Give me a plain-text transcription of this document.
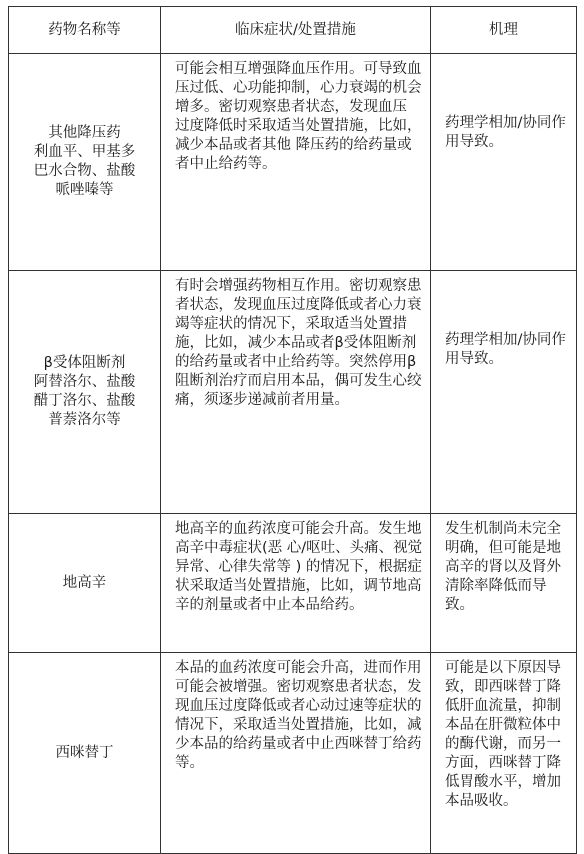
药物名称等	临床症状/处置措施	机理

其他降压药
利血平、甲基多
巴水合物、盐酸
哌唑嗪等	可能会相互增强降血压作用。可导致血压过低、心功能抑制，心力衰竭的机会增多。密切观察患者状态，发现血压 过度降低时采取适当处置措施，比如，减少本品或者其他 降压药的给药量或者中止给药等。	药理学相加/协同作用导致。

β受体阻断剂
阿替洛尔、盐酸
醋丁洛尔、盐酸
普萘洛尔等	有时会增强药物相互作用。密切观察患者状态，发现血压过度降低或者心力衰竭等症状的情况下，采取适当处置措施，比如，减少本品或者β受体阻断剂的给药量或者中止给药等。突然停用β阻断剂治疗而启用本品，偶可发生心绞痛，须逐步递减前者用量。	药理学相加/协同作用导致。

地高辛	地高辛的血药浓度可能会升高。发生地高辛中毒症状(恶 心/呕吐、头痛、视觉异常、心律失常等 ) 的情况下，根据症状采取适当处置措施，比如，调节地高辛的剂量或者中止本品给药。	发生机制尚未完全明确，但可能是地高辛的肾以及肾外清除率降低而导致。

西咪替丁	本品的血药浓度可能会升高，进而作用可能会被增强。密切观察患者状态，发现血压过度降低或者心动过速等症状的情况下，采取适当处置措施，比如，减少本品的给药量或者中止西咪替丁给药等。	可能是以下原因导致，即西咪替丁降低肝血流量，抑制本品在肝微粒体中的酶代谢，而另一方面，西咪替丁降低胃酸水平，增加本品吸收。
